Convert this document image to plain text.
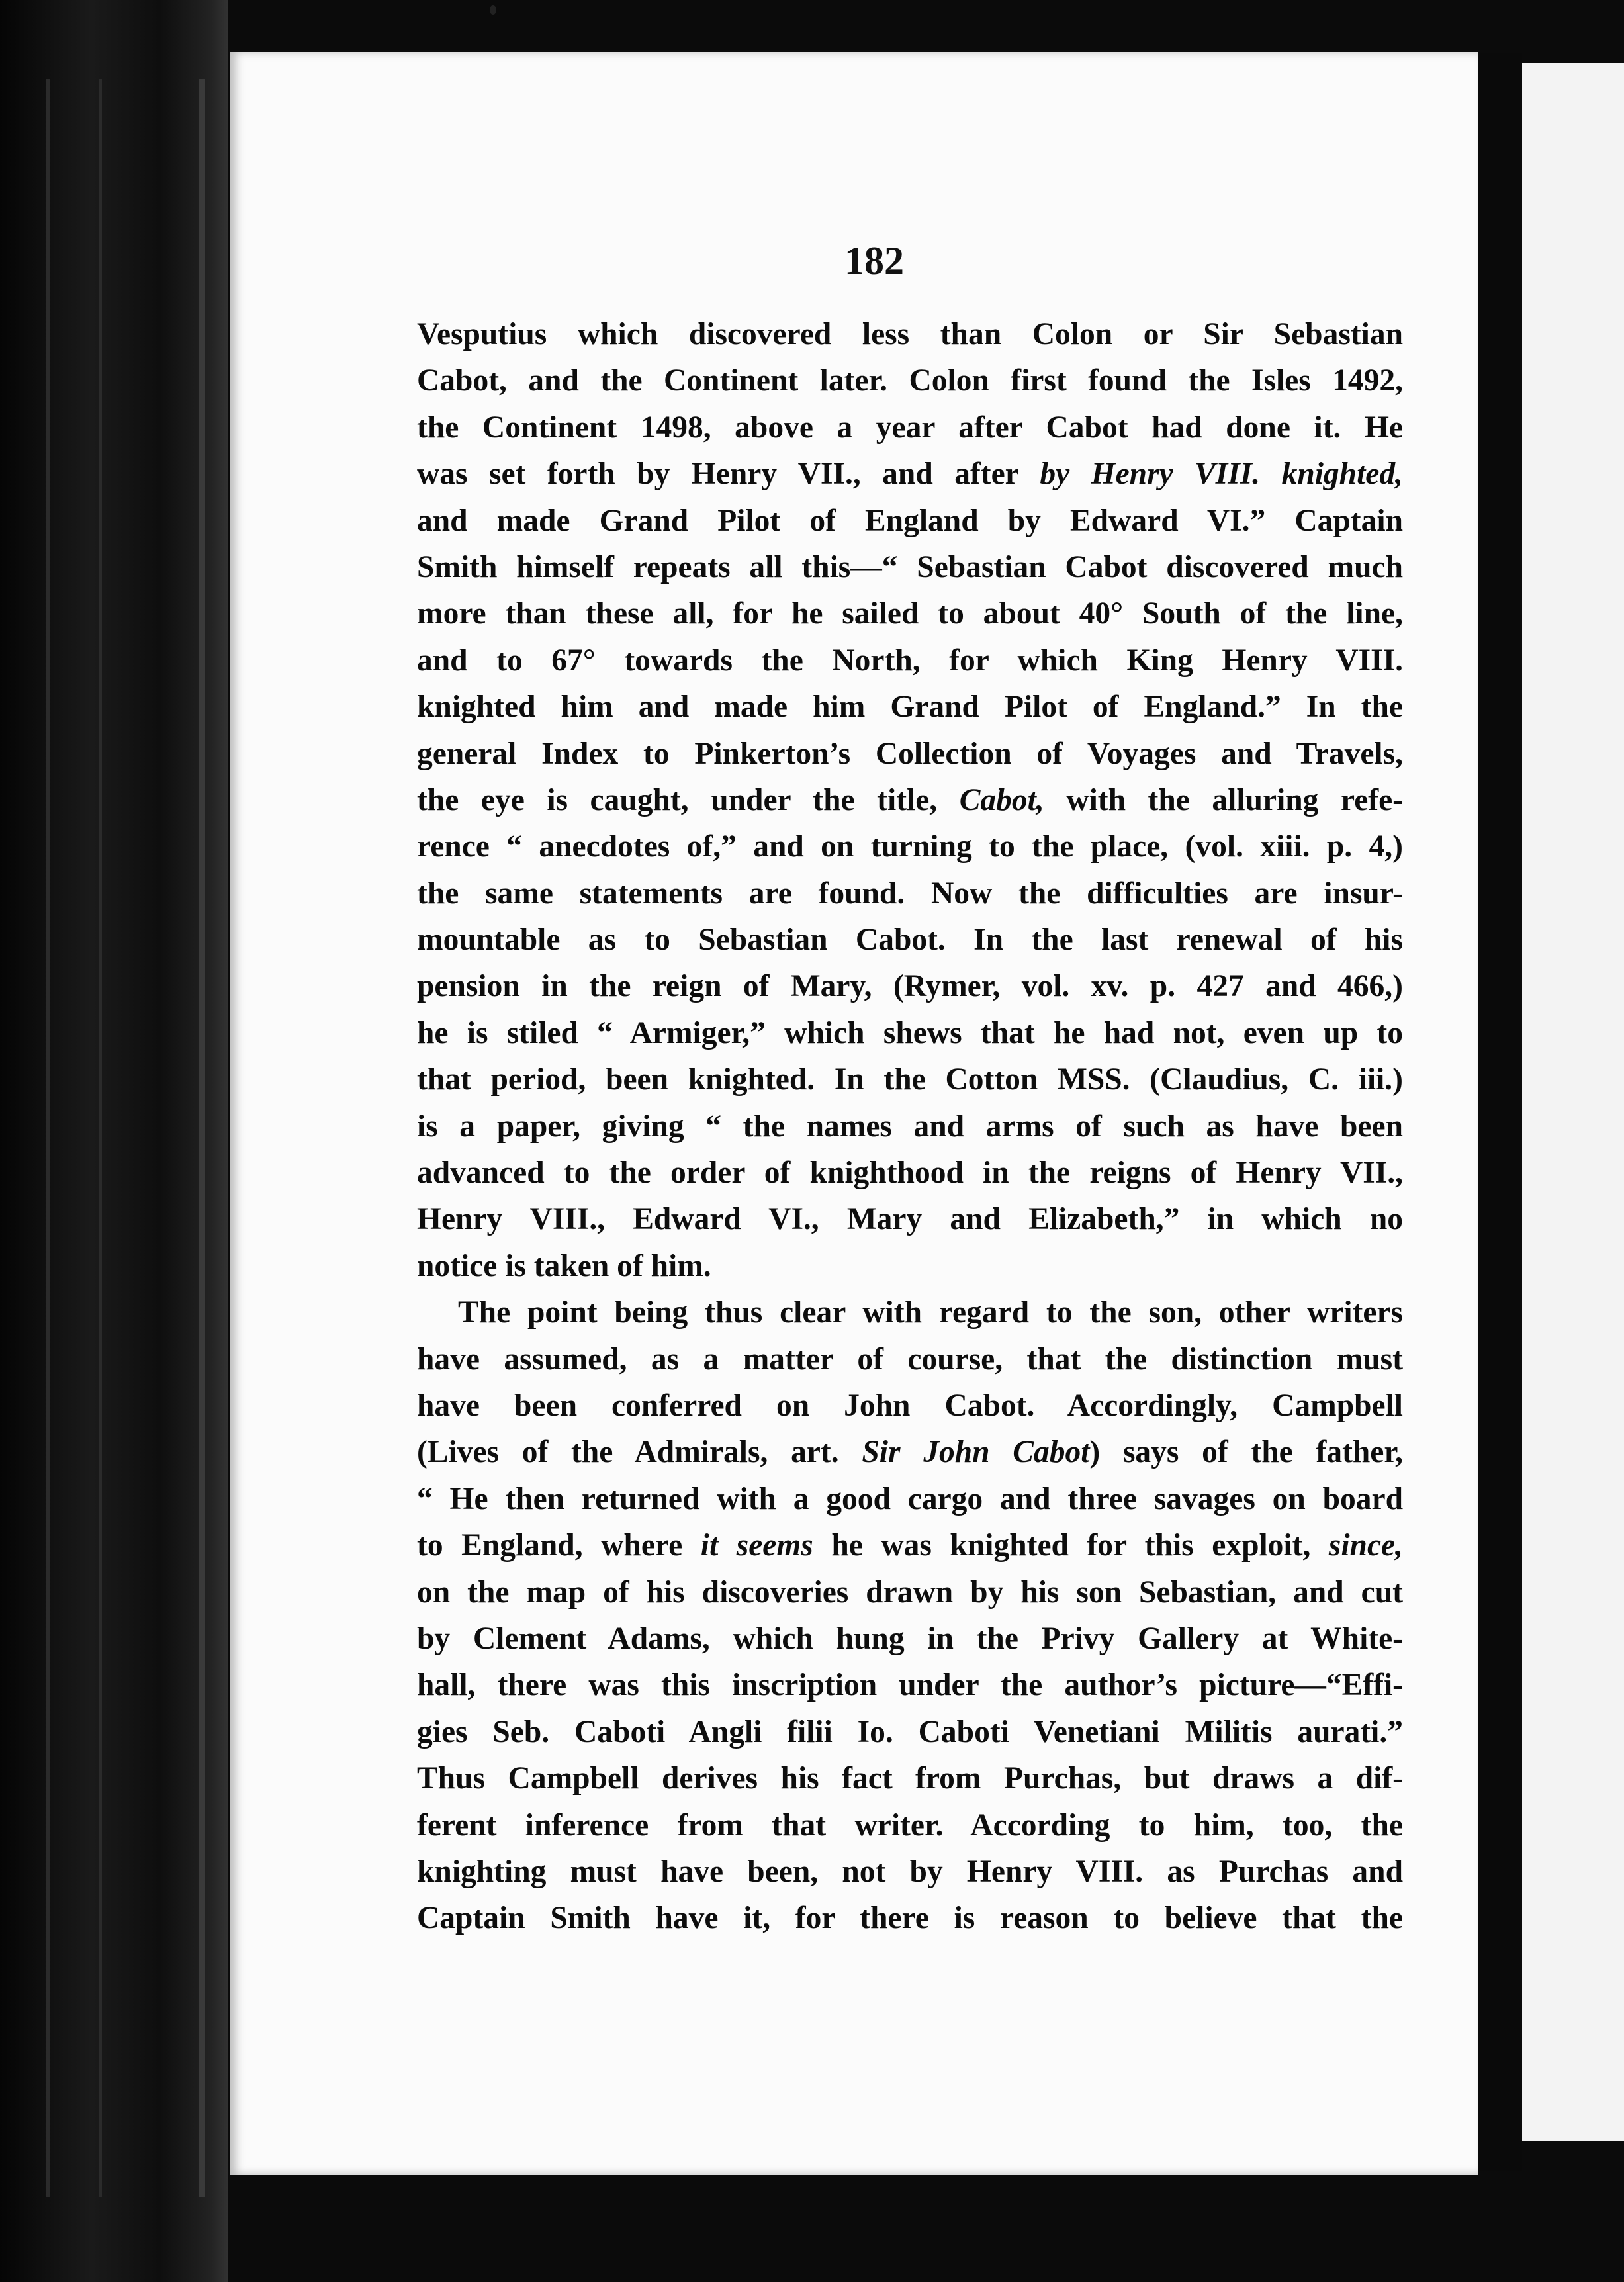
182
Vesputius which discovered less than Colon or Sir Sebastian
Cabot, and the Continent later. Colon first found the Isles 1492,
the Continent 1498, above a year after Cabot had done it. He
was set forth by Henry VII., and after by Henry VIII. knighted,
and made Grand Pilot of England by Edward VI.” Captain
Smith himself repeats all this—“ Sebastian Cabot discovered much
more than these all, for he sailed to about 40° South of the line,
and to 67° towards the North, for which King Henry VIII.
knighted him and made him Grand Pilot of England.” In the
general Index to Pinkerton’s Collection of Voyages and Travels,
the eye is caught, under the title, Cabot, with the alluring refe-
rence “ anecdotes of,” and on turning to the place, (vol. xiii. p. 4,)
the same statements are found. Now the difficulties are insur-
mountable as to Sebastian Cabot. In the last renewal of his
pension in the reign of Mary, (Rymer, vol. xv. p. 427 and 466,)
he is stiled “ Armiger,” which shews that he had not, even up to
that period, been knighted. In the Cotton MSS. (Claudius, C. iii.)
is a paper, giving “ the names and arms of such as have been
advanced to the order of knighthood in the reigns of Henry VII.,
Henry VIII., Edward VI., Mary and Elizabeth,” in which no
notice is taken of him.
The point being thus clear with regard to the son, other writers
have assumed, as a matter of course, that the distinction must
have been conferred on John Cabot. Accordingly, Campbell
(Lives of the Admirals, art. Sir John Cabot) says of the father,
“ He then returned with a good cargo and three savages on board
to England, where it seems he was knighted for this exploit, since,
on the map of his discoveries drawn by his son Sebastian, and cut
by Clement Adams, which hung in the Privy Gallery at White-
hall, there was this inscription under the author’s picture—“Effi-
gies Seb. Caboti Angli filii Io. Caboti Venetiani Militis aurati.”
Thus Campbell derives his fact from Purchas, but draws a dif-
ferent inference from that writer. According to him, too, the
knighting must have been, not by Henry VIII. as Purchas and
Captain Smith have it, for there is reason to believe that the
